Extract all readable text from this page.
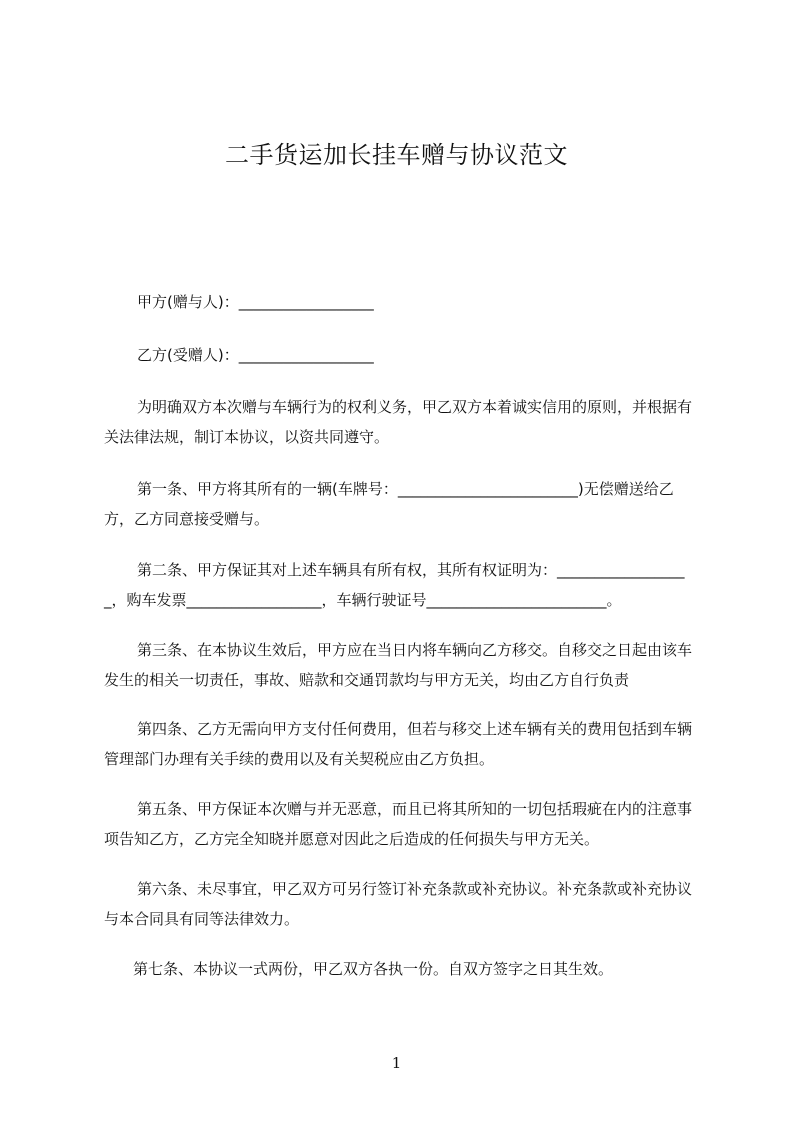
二手货运加长挂车赠与协议范文
甲方(赠与人)：__________________
乙方(受赠人)：__________________

为明确双方本次赠与车辆行为的权利义务，甲乙双方本着诚实信用的原则，并根据有关法律法规，制订本协议，以资共同遵守。

第一条、甲方将其所有的一辆(车牌号：________________________)无偿赠送给乙方，乙方同意接受赠与。

第二条、甲方保证其对上述车辆具有所有权，其所有权证明为：__________________，购车发票__________________，车辆行驶证号________________________。

第三条、在本协议生效后，甲方应在当日内将车辆向乙方移交。自移交之日起由该车发生的相关一切责任，事故、赔款和交通罚款均与甲方无关，均由乙方自行负责

第四条、乙方无需向甲方支付任何费用，但若与移交上述车辆有关的费用包括到车辆管理部门办理有关手续的费用以及有关契税应由乙方负担。

第五条、甲方保证本次赠与并无恶意，而且已将其所知的一切包括瑕疵在内的注意事项告知乙方，乙方完全知晓并愿意对因此之后造成的任何损失与甲方无关。

第六条、未尽事宜，甲乙双方可另行签订补充条款或补充协议。补充条款或补充协议与本合同具有同等法律效力。

第七条、本协议一式两份，甲乙双方各执一份。自双方签字之日其生效。

1
